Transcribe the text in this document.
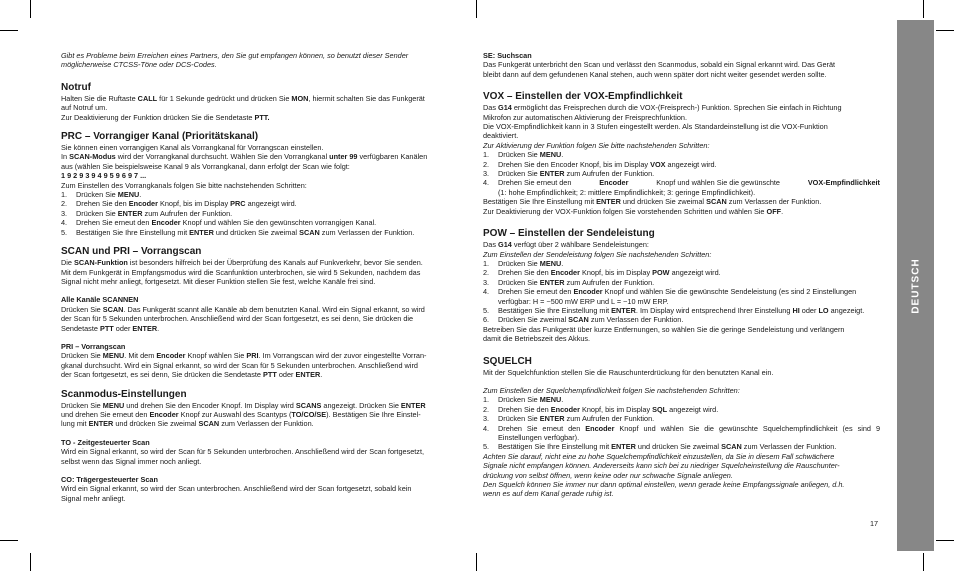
DEUTSCH

Gibt es Probleme beim Erreichen eines Partners, den Sie gut empfangen können, so benutzt dieser Sender
möglicherweise CTCSS-Töne oder DCS-Codes.

Notruf

Halten Sie die Ruftaste CALL für 1 Sekunde gedrückt und drücken Sie MON, hiermit schalten Sie das Funkgerät
auf Notruf um.
Zur Deaktivierung der Funktion drücken Sie die Sendetaste PTT.

PRC – Vorrangiger Kanal (Prioritätskanal)

Sie können einen vorrangigen Kanal als Vorrangkanal für Vorrangscan einstellen.
In SCAN-Modus wird der Vorrangkanal durchsucht. Wählen Sie den Vorrangkanal unter 99 verfügbaren Kanälen
aus (wählen Sie beispielsweise Kanal 9 als Vorrangkanal, dann erfolgt der Scan wie folgt:
1 9 2 9 3 9 4 9 5 9 6 9 7 ...
Zum Einstellen des Vorrangkanals folgen Sie bitte nachstehenden Schritten:

1.	Drücken Sie MENU.
2.	Drehen Sie den Encoder Knopf, bis im Display PRC angezeigt wird.
3.	Drücken Sie ENTER zum Aufrufen der Funktion.
4.	Drehen Sie erneut den Encoder Knopf und wählen Sie den gewünschten vorrangigen Kanal.
5.	Bestätigen Sie Ihre Einstellung mit ENTER und drücken Sie zweimal SCAN zum Verlassen der Funktion.
SCAN und PRI – Vorrangscan

Die SCAN-Funktion ist besonders hilfreich bei der Überprüfung des Kanals auf Funkverkehr, bevor Sie senden.
Mit dem Funkgerät in Empfangsmodus wird die Scanfunktion unterbrochen, sie wird 5 Sekunden, nachdem das
Signal nicht mehr anliegt, fortgesetzt. Mit dieser Funktion stellen Sie fest, welche Kanäle frei sind.

Alle Kanäle SCANNEN

Drücken Sie SCAN. Das Funkgerät scannt alle Kanäle ab dem benutzten Kanal. Wird ein Signal erkannt, so wird
der Scan für 5 Sekunden unterbrochen. Anschließend wird der Scan fortgesetzt, es sei denn, Sie drücken die
Sendetaste PTT oder ENTER.

PRI – Vorrangscan

Drücken Sie MENU. Mit dem Encoder Knopf wählen Sie PRI. Im Vorrangscan wird der zuvor eingestellte Vorran-
gkanal durchsucht. Wird ein Signal erkannt, so wird der Scan für 5 Sekunden unterbrochen. Anschließend wird
der Scan fortgesetzt, es sei denn, Sie drücken die Sendetaste PTT oder ENTER.

Scanmodus-Einstellungen

Drücken Sie MENU und drehen Sie den Encoder Knopf. Im Display wird SCANS angezeigt. Drücken Sie ENTER
und drehen Sie erneut den Encoder Knopf zur Auswahl des Scantyps (TO/CO/SE). Bestätigen Sie Ihre Einstel-
lung mit ENTER und drücken Sie zweimal SCAN zum Verlassen der Funktion.

TO - Zeitgesteuerter Scan

Wird ein Signal erkannt, so wird der Scan für 5 Sekunden unterbrochen. Anschließend wird der Scan fortgesetzt,
selbst wenn das Signal immer noch anliegt.

CO: Trägergesteuerter Scan

Wird ein Signal erkannt, so wird der Scan unterbrochen. Anschließend wird der Scan fortgesetzt, sobald kein
Signal mehr anliegt.

SE: Suchscan

Das Funkgerät unterbricht den Scan und verlässt den Scanmodus, sobald ein Signal erkannt wird. Das Gerät
bleibt dann auf dem gefundenen Kanal stehen, auch wenn später dort nicht weiter gesendet werden sollte.

VOX – Einstellen der VOX-Empfindlichkeit

Das G14 ermöglicht das Freisprechen durch die VOX-(Freisprech-) Funktion. Sprechen Sie einfach in Richtung
Mikrofon zur automatischen Aktivierung der Freisprechfunktion.
Die VOX-Empfindlichkeit kann in 3 Stufen eingestellt werden. Als Standardeinstellung ist die VOX-Funktion
deaktiviert.
Zur Aktivierung der Funktion folgen Sie bitte nachstehenden Schritten:

1.	Drücken Sie MENU.
2.	Drehen Sie den Encoder Knopf, bis im Display VOX angezeigt wird.
3.	Drücken Sie ENTER zum Aufrufen der Funktion.
4.	Drehen Sie erneut den	Encoder	Knopf und wählen Sie die gewünschte	VOX-Empfindlichkeit
(1: hohe Empfindlichkeit; 2: mittlere Empfindlichkeit; 3: geringe Empfindlichkeit).

Bestätigen Sie Ihre Einstellung mit ENTER und drücken Sie zweimal SCAN zum Verlassen der Funktion.
Zur Deaktivierung der VOX-Funktion folgen Sie vorstehenden Schritten und wählen Sie OFF.

POW – Einstellen der Sendeleistung

Das G14 verfügt über 2 wählbare Sendeleistungen:
Zum Einstellen der Sendeleistung folgen Sie nachstehenden Schritten:

1.	Drücken Sie MENU.
2.	Drehen Sie den Encoder Knopf, bis im Display POW angezeigt wird.
3.	Drücken Sie ENTER zum Aufrufen der Funktion.
4.	Drehen Sie erneut den Encoder Knopf und wählen Sie die gewünschte Sendeleistung (es sind 2 Einstellungen verfügbar: H = ~500 mW ERP und L = ~10 mW ERP.
5.	Bestätigen Sie Ihre Einstellung mit ENTER. Im Display wird entsprechend Ihrer Einstellung HI oder LO angezeigt.
6.	Drücken Sie zweimal SCAN zum Verlassen der Funktion.

Betreiben Sie das Funkgerät über kurze Entfernungen, so wählen Sie die geringe Sendeleistung und verlängern
damit die Betriebszeit des Akkus.

SQUELCH

Mit der Squelchfunktion stellen Sie die Rauschunterdrückung für den benutzten Kanal ein.

Zum Einstellen der Squelchempfindlichkeit folgen Sie nachstehenden Schritten:

1.	Drücken Sie MENU.
2.	Drehen Sie den Encoder Knopf, bis im Display SQL angezeigt wird.
3.	Drücken Sie ENTER zum Aufrufen der Funktion.
4.	Drehen Sie erneut den Encoder Knopf und wählen Sie die gewünschte Squelchempfindlichkeit (es sind 9 Einstellungen verfügbar).
5.	Bestätigen Sie Ihre Einstellung mit ENTER und drücken Sie zweimal SCAN zum Verlassen der Funktion.

Achten Sie darauf, nicht eine zu hohe Squelchempfindlichkeit einzustellen, da Sie in diesem Fall schwächere
Signale nicht empfangen können. Andererseits kann sich bei zu niedriger Squelcheinstellung die Rauschunter-
drückung von selbst öffnen, wenn keine oder nur schwache Signale anliegen.
Den Squelch können Sie immer nur dann optimal einstellen, wenn gerade keine Empfangssignale anliegen, d.h.
wenn es auf dem Kanal gerade ruhig ist.

17
